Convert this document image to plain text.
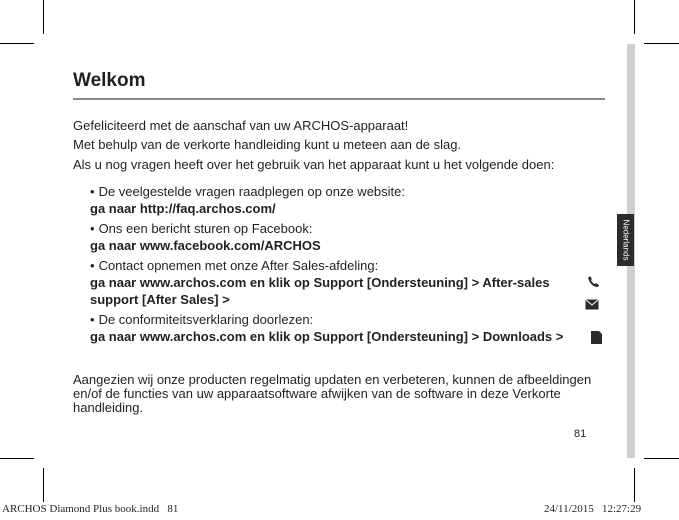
Nederlands
Welkom

Gefeliciteerd met de aanschaf van uw ARCHOS-apparaat!

Met behulp van de verkorte handleiding kunt u meteen aan de slag.

Als u nog vragen heeft over het gebruik van het apparaat kunt u het volgende doen:

• De veelgestelde vragen raadplegen op onze website:
ga naar http://faq.archos.com/
• Ons een bericht sturen op Facebook:
ga naar www.facebook.com/ARCHOS
• Contact opnemen met onze After Sales-afdeling:
ga naar www.archos.com en klik op Support [Ondersteuning] > After-sales support [After Sales] >
• De conformiteitsverklaring doorlezen:
ga naar www.archos.com en klik op Support [Ondersteuning] > Downloads >
Aangezien wij onze producten regelmatig updaten en verbeteren, kunnen de afbeeldingen en/of de functies van uw apparaatsoftware afwijken van de software in deze Verkorte handleiding.
81
ARCHOS Diamond Plus book.indd   81	24/11/2015   12:27:29
